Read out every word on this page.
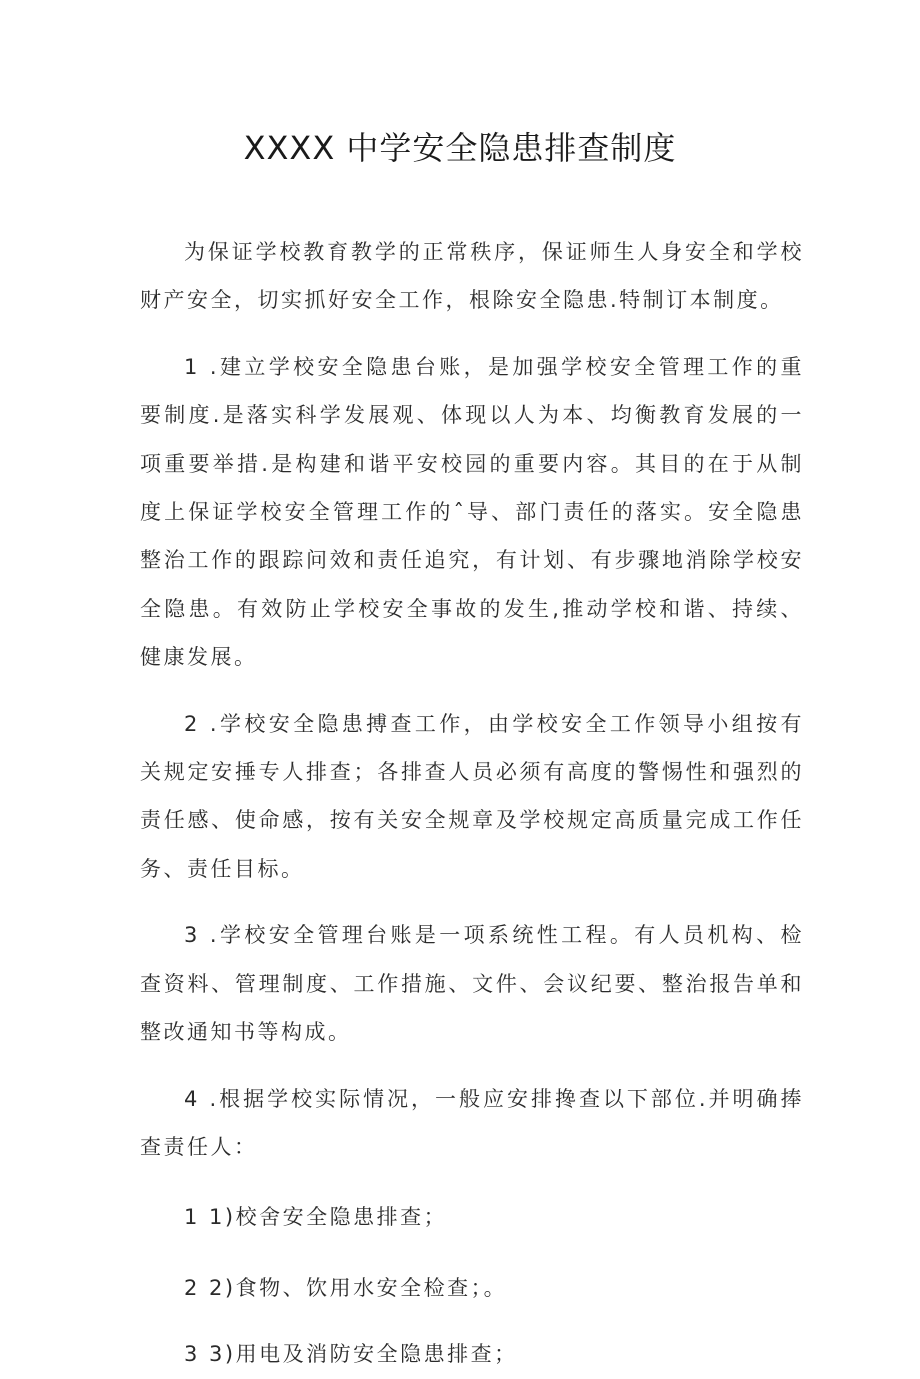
XXXX 中学安全隐患排查制度

为保证学校教育教学的正常秩序，保证师生人身安全和学校财产安全，切实抓好安全工作，根除安全隐患.特制订本制度。

1 .建立学校安全隐患台账，是加强学校安全管理工作的重要制度.是落实科学发展观、体现以人为本、均衡教育发展的一项重要举措.是构建和谐平安校园的重要内容。其目的在于从制度上保证学校安全管理工作的ˆ导、部门责任的落实。安全隐患整治工作的跟踪问效和责任追究，有计划、有步骤地消除学校安全隐患。有效防止学校安全事故的发生,推动学校和谐、持续、健康发展。

2 .学校安全隐患搏查工作，由学校安全工作领导小组按有关规定安捶专人排查；各排查人员必须有高度的警惕性和强烈的责任感、使命感，按有关安全规章及学校规定高质量完成工作任务、责任目标。

3 .学校安全管理台账是一项系统性工程。有人员机构、检查资料、管理制度、工作措施、文件、会议纪要、整治报告单和整改通知书等构成。

4 .根据学校实际情况，一般应安排搀查以下部位.并明确捧查责任人：

1 1)校舍安全隐患排查；

2 2)食物、饮用水安全检查；。

3 3)用电及消防安全隐患排查；
